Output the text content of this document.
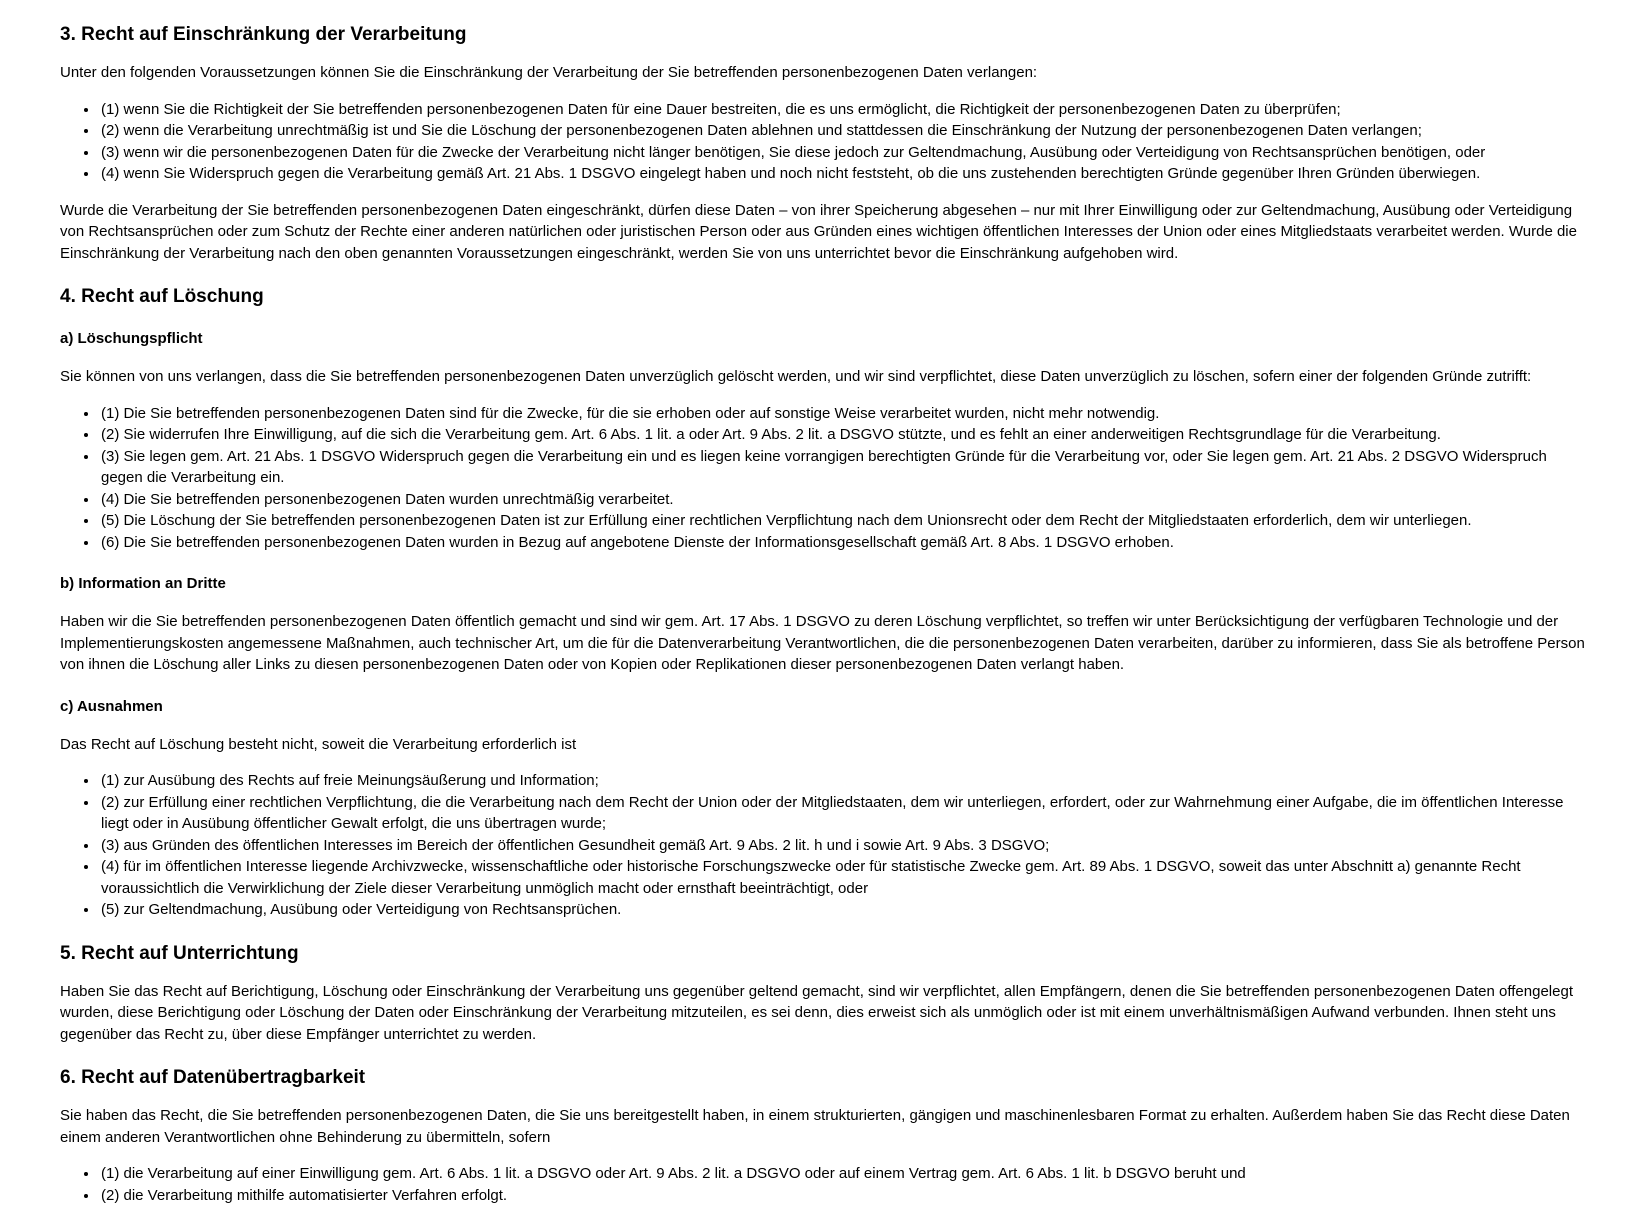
3. Recht auf Einschränkung der Verarbeitung

Unter den folgenden Voraussetzungen können Sie die Einschränkung der Verarbeitung der Sie betreffenden personenbezogenen Daten verlangen:

• (1) wenn Sie die Richtigkeit der Sie betreffenden personenbezogenen Daten für eine Dauer bestreiten, die es uns ermöglicht, die Richtigkeit der personenbezogenen Daten zu überprüfen;
• (2) wenn die Verarbeitung unrechtmäßig ist und Sie die Löschung der personenbezogenen Daten ablehnen und stattdessen die Einschränkung der Nutzung der personenbezogenen Daten verlangen;
• (3) wenn wir die personenbezogenen Daten für die Zwecke der Verarbeitung nicht länger benötigen, Sie diese jedoch zur Geltendmachung, Ausübung oder Verteidigung von Rechtsansprüchen benötigen, oder
• (4) wenn Sie Widerspruch gegen die Verarbeitung gemäß Art. 21 Abs. 1 DSGVO eingelegt haben und noch nicht feststeht, ob die uns zustehenden berechtigten Gründe gegenüber Ihren Gründen überwiegen.

Wurde die Verarbeitung der Sie betreffenden personenbezogenen Daten eingeschränkt, dürfen diese Daten – von ihrer Speicherung abgesehen – nur mit Ihrer Einwilligung oder zur Geltendmachung, Ausübung oder Verteidigung von Rechtsansprüchen oder zum Schutz der Rechte einer anderen natürlichen oder juristischen Person oder aus Gründen eines wichtigen öffentlichen Interesses der Union oder eines Mitgliedstaats verarbeitet werden. Wurde die Einschränkung der Verarbeitung nach den oben genannten Voraussetzungen eingeschränkt, werden Sie von uns unterrichtet bevor die Einschränkung aufgehoben wird.

4. Recht auf Löschung
a) Löschungspflicht

Sie können von uns verlangen, dass die Sie betreffenden personenbezogenen Daten unverzüglich gelöscht werden, und wir sind verpflichtet, diese Daten unverzüglich zu löschen, sofern einer der folgenden Gründe zutrifft:

• (1) Die Sie betreffenden personenbezogenen Daten sind für die Zwecke, für die sie erhoben oder auf sonstige Weise verarbeitet wurden, nicht mehr notwendig.
• (2) Sie widerrufen Ihre Einwilligung, auf die sich die Verarbeitung gem. Art. 6 Abs. 1 lit. a oder Art. 9 Abs. 2 lit. a DSGVO stützte, und es fehlt an einer anderweitigen Rechtsgrundlage für die Verarbeitung.
• (3) Sie legen gem. Art. 21 Abs. 1 DSGVO Widerspruch gegen die Verarbeitung ein und es liegen keine vorrangigen berechtigten Gründe für die Verarbeitung vor, oder Sie legen gem. Art. 21 Abs. 2 DSGVO Widerspruch gegen die Verarbeitung ein.
• (4) Die Sie betreffenden personenbezogenen Daten wurden unrechtmäßig verarbeitet.
• (5) Die Löschung der Sie betreffenden personenbezogenen Daten ist zur Erfüllung einer rechtlichen Verpflichtung nach dem Unionsrecht oder dem Recht der Mitgliedstaaten erforderlich, dem wir unterliegen.
• (6) Die Sie betreffenden personenbezogenen Daten wurden in Bezug auf angebotene Dienste der Informationsgesellschaft gemäß Art. 8 Abs. 1 DSGVO erhoben.
b) Information an Dritte

Haben wir die Sie betreffenden personenbezogenen Daten öffentlich gemacht und sind wir gem. Art. 17 Abs. 1 DSGVO zu deren Löschung verpflichtet, so treffen wir unter Berücksichtigung der verfügbaren Technologie und der Implementierungskosten angemessene Maßnahmen, auch technischer Art, um die für die Datenverarbeitung Verantwortlichen, die die personenbezogenen Daten verarbeiten, darüber zu informieren, dass Sie als betroffene Person von ihnen die Löschung aller Links zu diesen personenbezogenen Daten oder von Kopien oder Replikationen dieser personenbezogenen Daten verlangt haben.

c) Ausnahmen

Das Recht auf Löschung besteht nicht, soweit die Verarbeitung erforderlich ist

• (1) zur Ausübung des Rechts auf freie Meinungsäußerung und Information;
• (2) zur Erfüllung einer rechtlichen Verpflichtung, die die Verarbeitung nach dem Recht der Union oder der Mitgliedstaaten, dem wir unterliegen, erfordert, oder zur Wahrnehmung einer Aufgabe, die im öffentlichen Interesse liegt oder in Ausübung öffentlicher Gewalt erfolgt, die uns übertragen wurde;
• (3) aus Gründen des öffentlichen Interesses im Bereich der öffentlichen Gesundheit gemäß Art. 9 Abs. 2 lit. h und i sowie Art. 9 Abs. 3 DSGVO;
• (4) für im öffentlichen Interesse liegende Archivzwecke, wissenschaftliche oder historische Forschungszwecke oder für statistische Zwecke gem. Art. 89 Abs. 1 DSGVO, soweit das unter Abschnitt a) genannte Recht voraussichtlich die Verwirklichung der Ziele dieser Verarbeitung unmöglich macht oder ernsthaft beeinträchtigt, oder
• (5) zur Geltendmachung, Ausübung oder Verteidigung von Rechtsansprüchen.
5. Recht auf Unterrichtung

Haben Sie das Recht auf Berichtigung, Löschung oder Einschränkung der Verarbeitung uns gegenüber geltend gemacht, sind wir verpflichtet, allen Empfängern, denen die Sie betreffenden personenbezogenen Daten offengelegt wurden, diese Berichtigung oder Löschung der Daten oder Einschränkung der Verarbeitung mitzuteilen, es sei denn, dies erweist sich als unmöglich oder ist mit einem unverhältnismäßigen Aufwand verbunden. Ihnen steht uns gegenüber das Recht zu, über diese Empfänger unterrichtet zu werden.

6. Recht auf Datenübertragbarkeit

Sie haben das Recht, die Sie betreffenden personenbezogenen Daten, die Sie uns bereitgestellt haben, in einem strukturierten, gängigen und maschinenlesbaren Format zu erhalten. Außerdem haben Sie das Recht diese Daten einem anderen Verantwortlichen ohne Behinderung zu übermitteln, sofern

• (1) die Verarbeitung auf einer Einwilligung gem. Art. 6 Abs. 1 lit. a DSGVO oder Art. 9 Abs. 2 lit. a DSGVO oder auf einem Vertrag gem. Art. 6 Abs. 1 lit. b DSGVO beruht und
• (2) die Verarbeitung mithilfe automatisierter Verfahren erfolgt.
